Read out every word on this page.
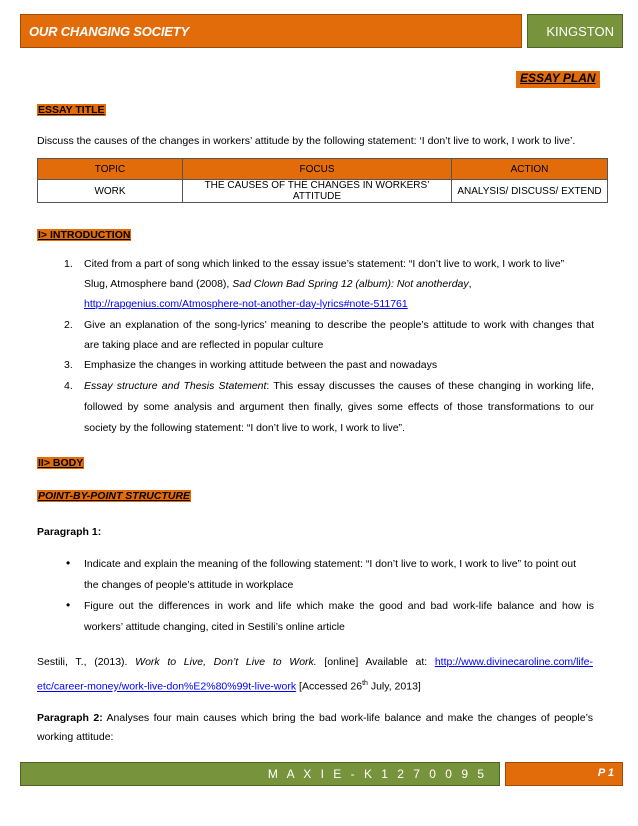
OUR CHANGING SOCIETY	KINGSTON
ESSAY PLAN
ESSAY TITLE
Discuss the causes of the changes in workers’ attitude by the following statement: ‘I don’t live to work, I work to live’.
TOPIC	FOCUS	ACTION
WORK	THE CAUSES OF THE CHANGES IN WORKERS’ ATTITUDE	ANALYSIS/ DISCUSS/ EXTEND
I> INTRODUCTION
1. Cited from a part of song which linked to the essay issue’s statement: “I don’t live to work, I work to live”
Slug, Atmosphere band (2008), Sad Clown Bad Spring 12 (album): Not anotherday,
http://rapgenius.com/Atmosphere-not-another-day-lyrics#note-511761
2. Give an explanation of the song-lyrics’ meaning to describe the people’s attitude to work with changes that
are taking place and are reflected in popular culture
3. Emphasize the changes in working attitude between the past and nowadays
4. Essay structure and Thesis Statement: This essay discusses the causes of these changing in working life,
followed by some analysis and argument then finally, gives some effects of those transformations to our
society by the following statement: “I don’t live to work, I work to live”.
II> BODY
POINT-BY-POINT STRUCTURE
Paragraph 1:
• Indicate and explain the meaning of the following statement: “I don’t live to work, I work to live” to point out
the changes of people’s attitude in workplace
• Figure out the differences in work and life which make the good and bad work-life balance and how is
workers’ attitude changing, cited in Sestili’s online article
Sestili, T., (2013). Work to Live, Don’t Live to Work. [online] Available at: http://www.divinecaroline.com/life-
etc/career-money/work-live-don%E2%80%99t-live-work [Accessed 26th July, 2013]
Paragraph 2: Analyses four main causes which bring the bad work-life balance and make the changes of people’s
working attitude:
M A X I E - K 1 2 7 0 0 9 5	P 1
